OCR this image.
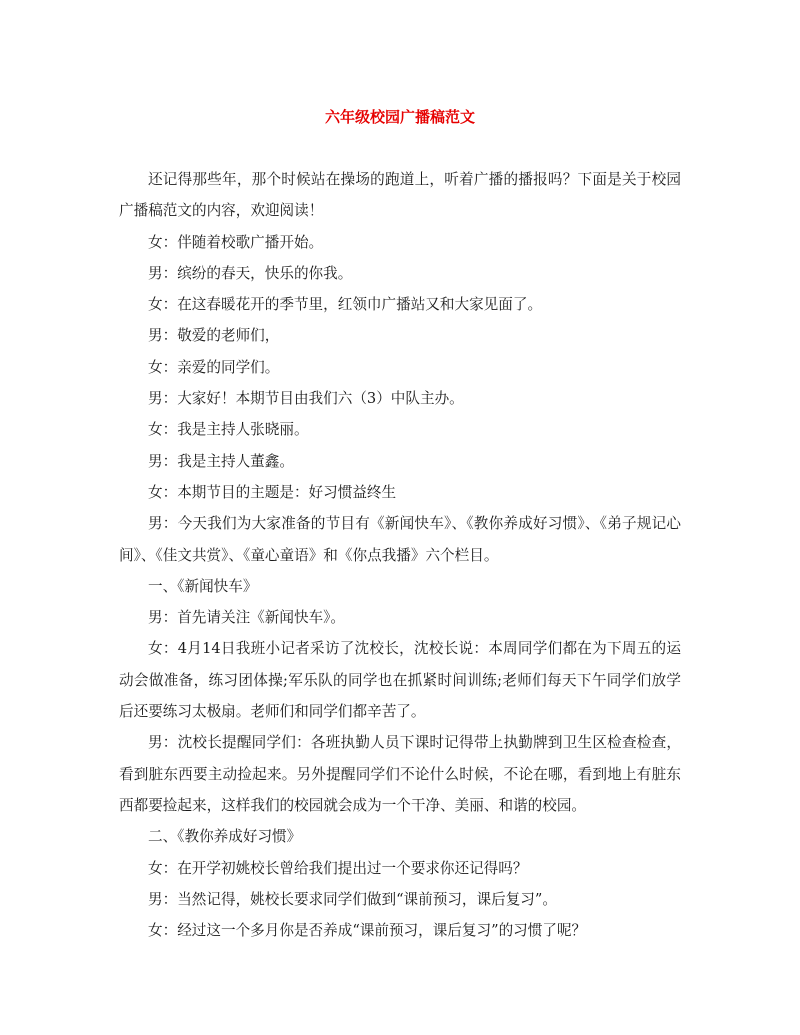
六年级校园广播稿范文

还记得那些年，那个时候站在操场的跑道上，听着广播的播报吗？下面是关于校园广播稿范文的内容，欢迎阅读！

女：伴随着校歌广播开始。

男：缤纷的春天，快乐的你我。

女：在这春暖花开的季节里，红领巾广播站又和大家见面了。

男：敬爱的老师们，

女：亲爱的同学们。

男：大家好！本期节目由我们六（3）中队主办。

女：我是主持人张晓丽。

男：我是主持人董鑫。

女：本期节目的主题是：好习惯益终生

男：今天我们为大家准备的节目有《新闻快车》、《教你养成好习惯》、《弟子规记心间》、《佳文共赏》、《童心童语》和《你点我播》六个栏目。

一、《新闻快车》

男：首先请关注《新闻快车》。

女：4月14日我班小记者采访了沈校长，沈校长说：本周同学们都在为下周五的运动会做准备，练习团体操;军乐队的同学也在抓紧时间训练;老师们每天下午同学们放学后还要练习太极扇。老师们和同学们都辛苦了。

男：沈校长提醒同学们：各班执勤人员下课时记得带上执勤牌到卫生区检查检查，看到脏东西要主动捡起来。另外提醒同学们不论什么时候，不论在哪，看到地上有脏东西都要捡起来，这样我们的校园就会成为一个干净、美丽、和谐的校园。

二、《教你养成好习惯》

女：在开学初姚校长曾给我们提出过一个要求你还记得吗？

男：当然记得，姚校长要求同学们做到“课前预习，课后复习”。

女：经过这一个多月你是否养成“课前预习，课后复习”的习惯了呢？
